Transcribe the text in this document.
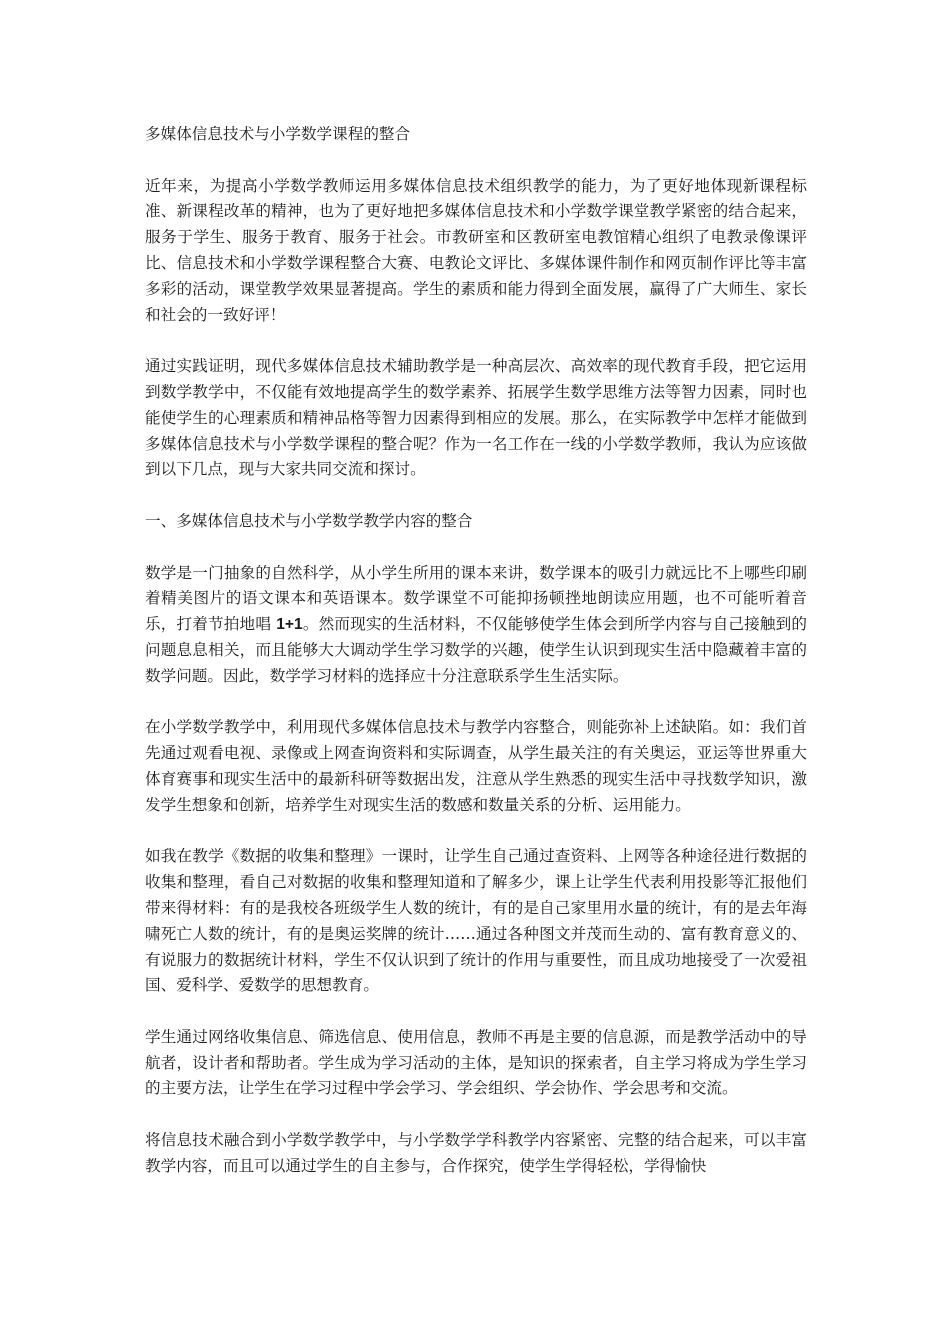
多媒体信息技术与小学数学课程的整合

近年来，为提高小学数学教师运用多媒体信息技术组织教学的能力，为了更好地体现新课程标准、新课程改革的精神，也为了更好地把多媒体信息技术和小学数学课堂教学紧密的结合起来，服务于学生、服务于教育、服务于社会。市教研室和区教研室电教馆精心组织了电教录像课评比、信息技术和小学数学课程整合大赛、电教论文评比、多媒体课件制作和网页制作评比等丰富多彩的活动，课堂教学效果显著提高。学生的素质和能力得到全面发展，赢得了广大师生、家长和社会的一致好评！

通过实践证明，现代多媒体信息技术辅助教学是一种高层次、高效率的现代教育手段，把它运用到数学教学中，不仅能有效地提高学生的数学素养、拓展学生数学思维方法等智力因素，同时也能使学生的心理素质和精神品格等智力因素得到相应的发展。那么，在实际教学中怎样才能做到多媒体信息技术与小学数学课程的整合呢？作为一名工作在一线的小学数学教师，我认为应该做到以下几点，现与大家共同交流和探讨。

一、多媒体信息技术与小学数学教学内容的整合

数学是一门抽象的自然科学，从小学生所用的课本来讲，数学课本的吸引力就远比不上哪些印刷着精美图片的语文课本和英语课本。数学课堂不可能抑扬顿挫地朗读应用题，也不可能听着音乐，打着节拍地唱 1+1。然而现实的生活材料，不仅能够使学生体会到所学内容与自己接触到的问题息息相关，而且能够大大调动学生学习数学的兴趣，使学生认识到现实生活中隐藏着丰富的数学问题。因此，数学学习材料的选择应十分注意联系学生生活实际。

在小学数学教学中，利用现代多媒体信息技术与教学内容整合，则能弥补上述缺陷。如：我们首先通过观看电视、录像或上网查询资料和实际调查，从学生最关注的有关奥运，亚运等世界重大体育赛事和现实生活中的最新科研等数据出发，注意从学生熟悉的现实生活中寻找数学知识，激发学生想象和创新，培养学生对现实生活的数感和数量关系的分析、运用能力。

如我在教学《数据的收集和整理》一课时，让学生自己通过查资料、上网等各种途径进行数据的收集和整理，看自己对数据的收集和整理知道和了解多少，课上让学生代表利用投影等汇报他们带来得材料：有的是我校各班级学生人数的统计，有的是自己家里用水量的统计，有的是去年海啸死亡人数的统计，有的是奥运奖牌的统计……通过各种图文并茂而生动的、富有教育意义的、有说服力的数据统计材料，学生不仅认识到了统计的作用与重要性，而且成功地接受了一次爱祖国、爱科学、爱数学的思想教育。

学生通过网络收集信息、筛选信息、使用信息，教师不再是主要的信息源，而是教学活动中的导航者，设计者和帮助者。学生成为学习活动的主体，是知识的探索者，自主学习将成为学生学习的主要方法，让学生在学习过程中学会学习、学会组织、学会协作、学会思考和交流。

将信息技术融合到小学数学教学中，与小学数学学科教学内容紧密、完整的结合起来，可以丰富教学内容，而且可以通过学生的自主参与，合作探究，使学生学得轻松，学得愉快
